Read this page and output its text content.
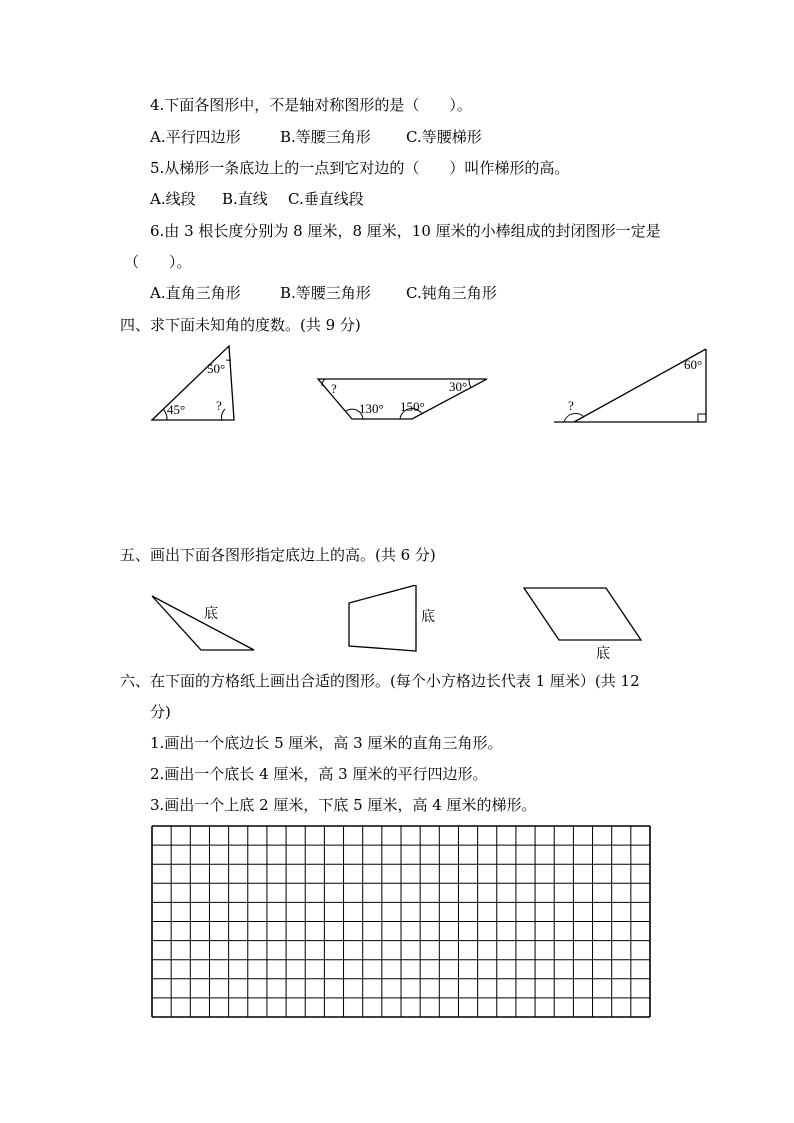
4.下面各图形中，不是轴对称图形的是（　　）。
A.平行四边形	B.等腰三角形 C.等腰梯形
5.从梯形一条底边上的一点到它对边的（　　）叫作梯形的高。
A.线段 B.直线 C.垂直线段
6.由 3 根长度分别为 8 厘米，8 厘米，10 厘米的小棒组成的封闭图形一定是
（　　）。
A.直角三角形	B.等腰三角形 C.钝角三角形
四、求下面未知角的度数。(共 9 分)
50°
45° ?
?	30°
130° 150°
60°
?
五、画出下面各图形指定底边上的高。(共 6 分)
底	底
底
六、在下面的方格纸上画出合适的图形。(每个小方格边长代表 1 厘米）(共 12
分)
1.画出一个底边长 5 厘米，高 3 厘米的直角三角形。
2.画出一个底长 4 厘米，高 3 厘米的平行四边形。
3.画出一个上底 2 厘米，下底 5 厘米，高 4 厘米的梯形。
